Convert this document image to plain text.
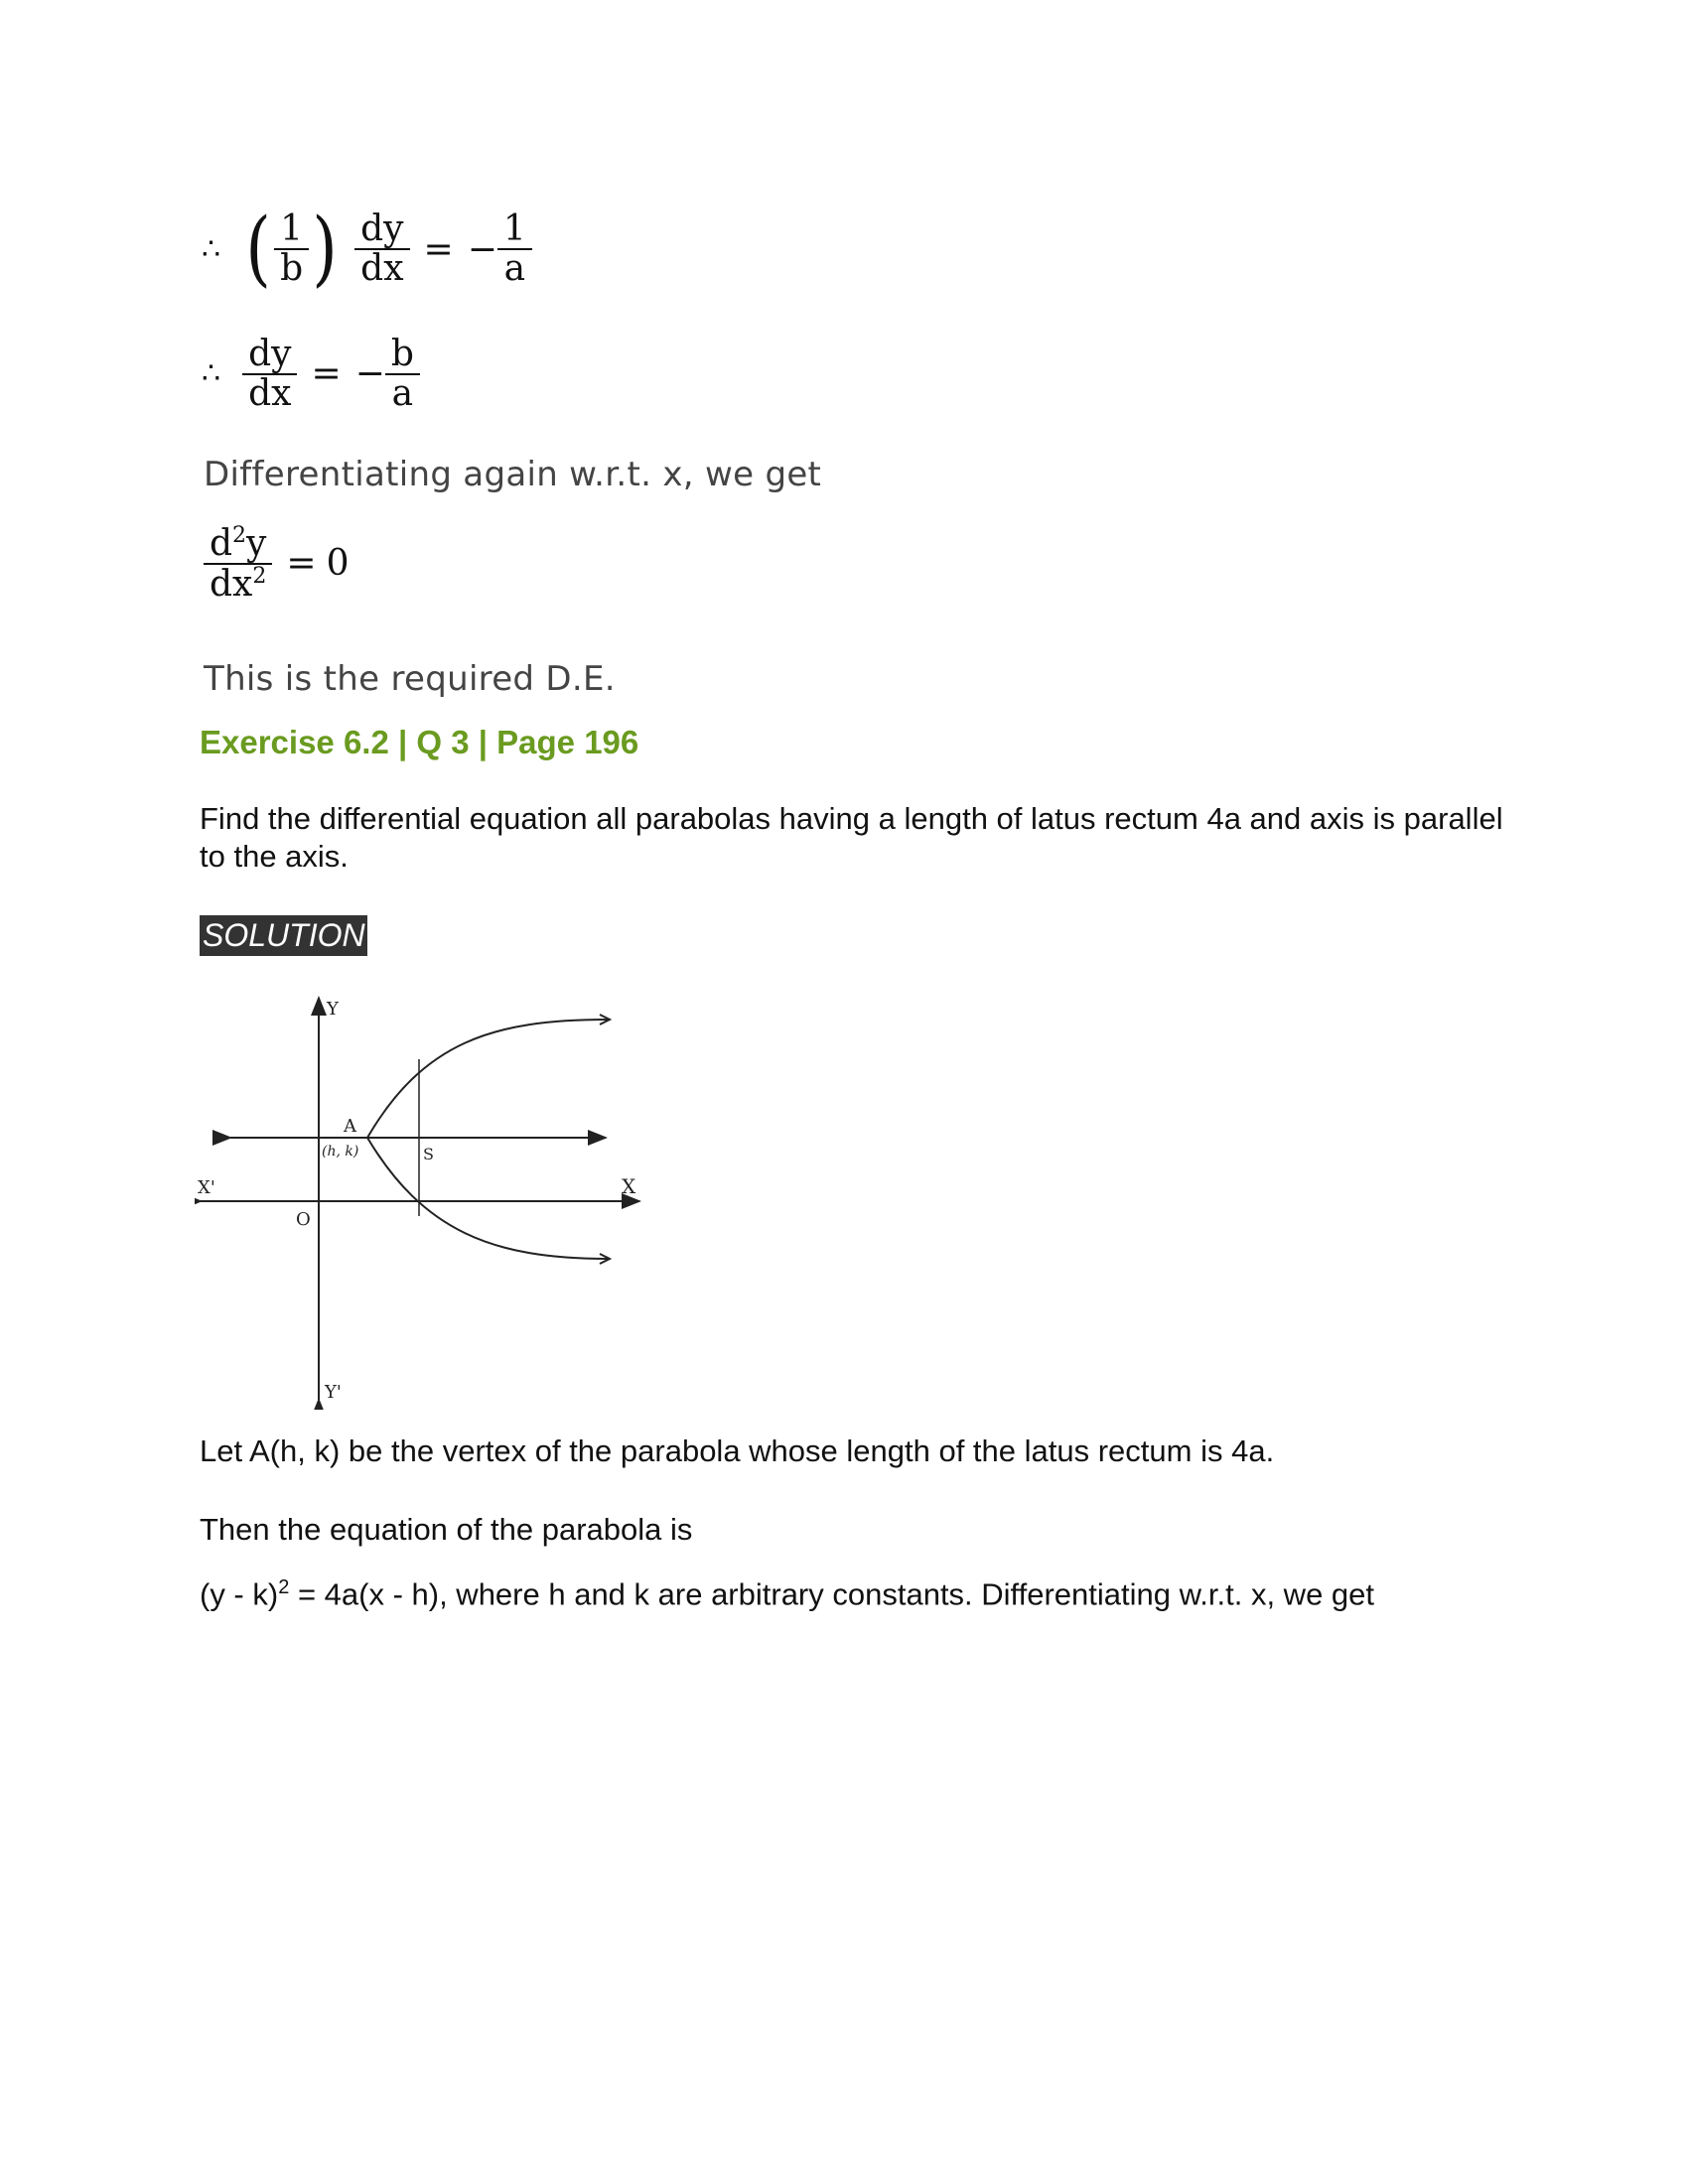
∴ ( $\frac{1}{b}$ ) $\frac{dy}{dx}$ = − $\frac{1}{a}$
∴ $\frac{dy}{dx}$ = − $\frac{b}{a}$
Differentiating again w.r.t. x, we get
$\frac{d^2y}{dx^2} = 0$
This is the required D.E.
Exercise 6.2 | Q 3 | Page 196
Find the differential equation all parabolas having a length of latus rectum 4a and axis is parallel to the axis.
SOLUTION
Y
Y'
X
X'
O
A
(h, k)	S
Let A(h, k) be the vertex of the parabola whose length of the latus rectum is 4a.
Then the equation of the parabola is
(y - k)$^2$ = 4a(x - h), where h and k are arbitrary constants. Differentiating w.r.t. x, we get
